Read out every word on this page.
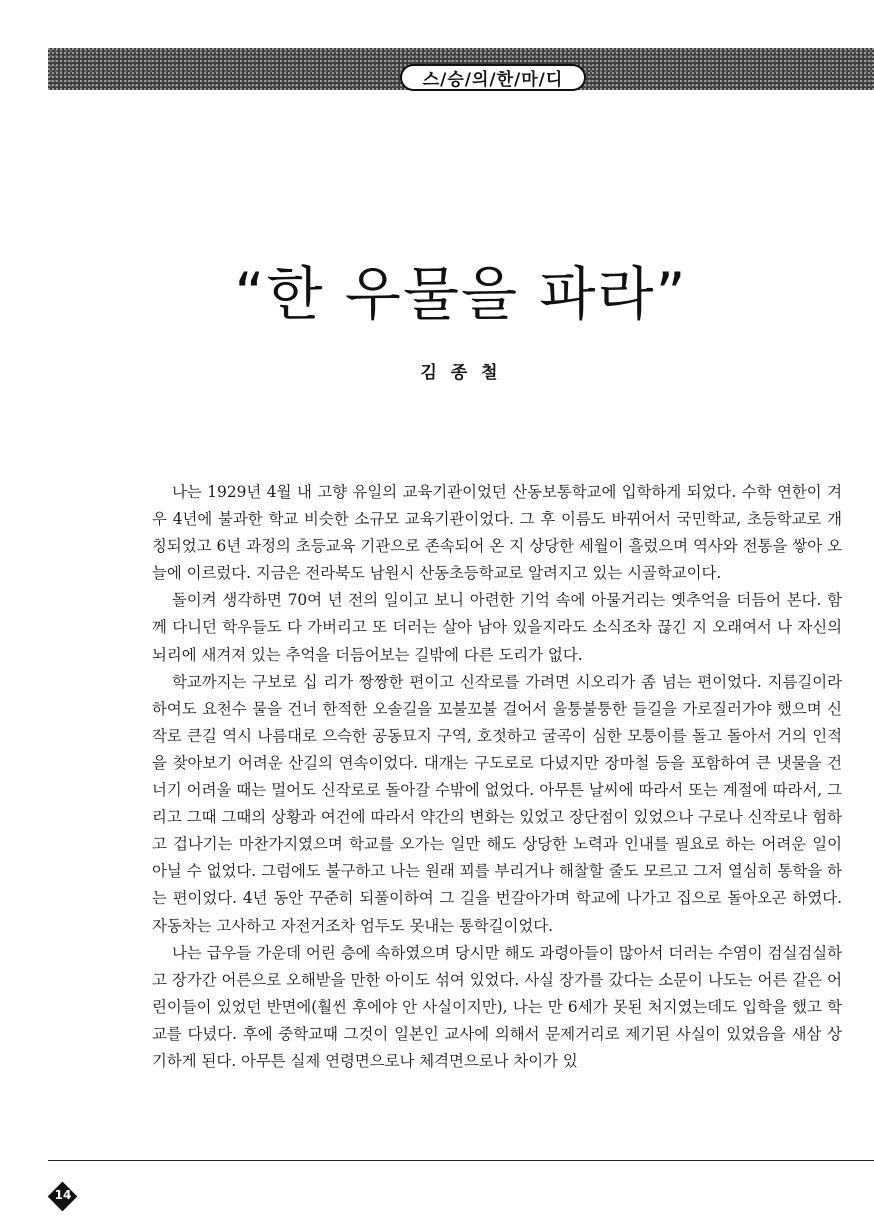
스/승/의/한/마/디
“한 우물을 파라”
김 종 철

나는 1929년 4월 내 고향 유일의 교육기관이었던 산동보통학교에 입학하게 되었다. 수학 연한이 겨우 4년에 불과한 학교 비슷한 소규모 교육기관이었다. 그 후 이름도 바뀌어서 국민학교, 초등학교로 개칭되었고 6년 과정의 초등교육 기관으로 존속되어 온 지 상당한 세월이 흘렀으며 역사와 전통을 쌓아 오늘에 이르렀다. 지금은 전라북도 남원시 산동초등학교로 알려지고 있는 시골학교이다.

돌이켜 생각하면 70여 년 전의 일이고 보니 아련한 기억 속에 아물거리는 옛추억을 더듬어 본다. 함께 다니던 학우들도 다 가버리고 또 더러는 살아 남아 있을지라도 소식조차 끊긴 지 오래여서 나 자신의 뇌리에 새겨져 있는 추억을 더듬어보는 길밖에 다른 도리가 없다.

학교까지는 구보로 십 리가 짱짱한 편이고 신작로를 가려면 시오리가 좀 넘는 편이었다. 지름길이라 하여도 요천수 물을 건너 한적한 오솔길을 꼬불꼬불 걸어서 울퉁불퉁한 들길을 가로질러가야 했으며 신작로 큰길 역시 나름대로 으슥한 공동묘지 구역, 호젓하고 굴곡이 심한 모퉁이를 돌고 돌아서 거의 인적을 찾아보기 어려운 산길의 연속이었다. 대개는 구도로로 다녔지만 장마철 등을 포함하여 큰 냇물을 건너기 어려울 때는 멀어도 신작로로 돌아갈 수밖에 없었다. 아무튼 날씨에 따라서 또는 계절에 따라서, 그리고 그때 그때의 상황과 여건에 따라서 약간의 변화는 있었고 장단점이 있었으나 구로나 신작로나 험하고 겁나기는 마찬가지였으며 학교를 오가는 일만 해도 상당한 노력과 인내를 필요로 하는 어려운 일이 아닐 수 없었다. 그럼에도 불구하고 나는 원래 꾀를 부리거나 해찰할 줄도 모르고 그저 열심히 통학을 하는 편이었다. 4년 동안 꾸준히 되풀이하여 그 길을 번갈아가며 학교에 나가고 집으로 돌아오곤 하였다. 자동차는 고사하고 자전거조차 엄두도 못내는 통학길이었다.

나는 급우들 가운데 어린 층에 속하였으며 당시만 해도 과령아들이 많아서 더러는 수염이 검실검실하고 장가간 어른으로 오해받을 만한 아이도 섞여 있었다. 사실 장가를 갔다는 소문이 나도는 어른 같은 어린이들이 있었던 반면에(훨씬 후에야 안 사실이지만), 나는 만 6세가 못된 처지였는데도 입학을 했고 학교를 다녔다. 후에 중학교때 그것이 일본인 교사에 의해서 문제거리로 제기된 사실이 있었음을 새삼 상기하게 된다. 아무튼 실제 연령면으로나 체격면으로나 차이가 있

14
